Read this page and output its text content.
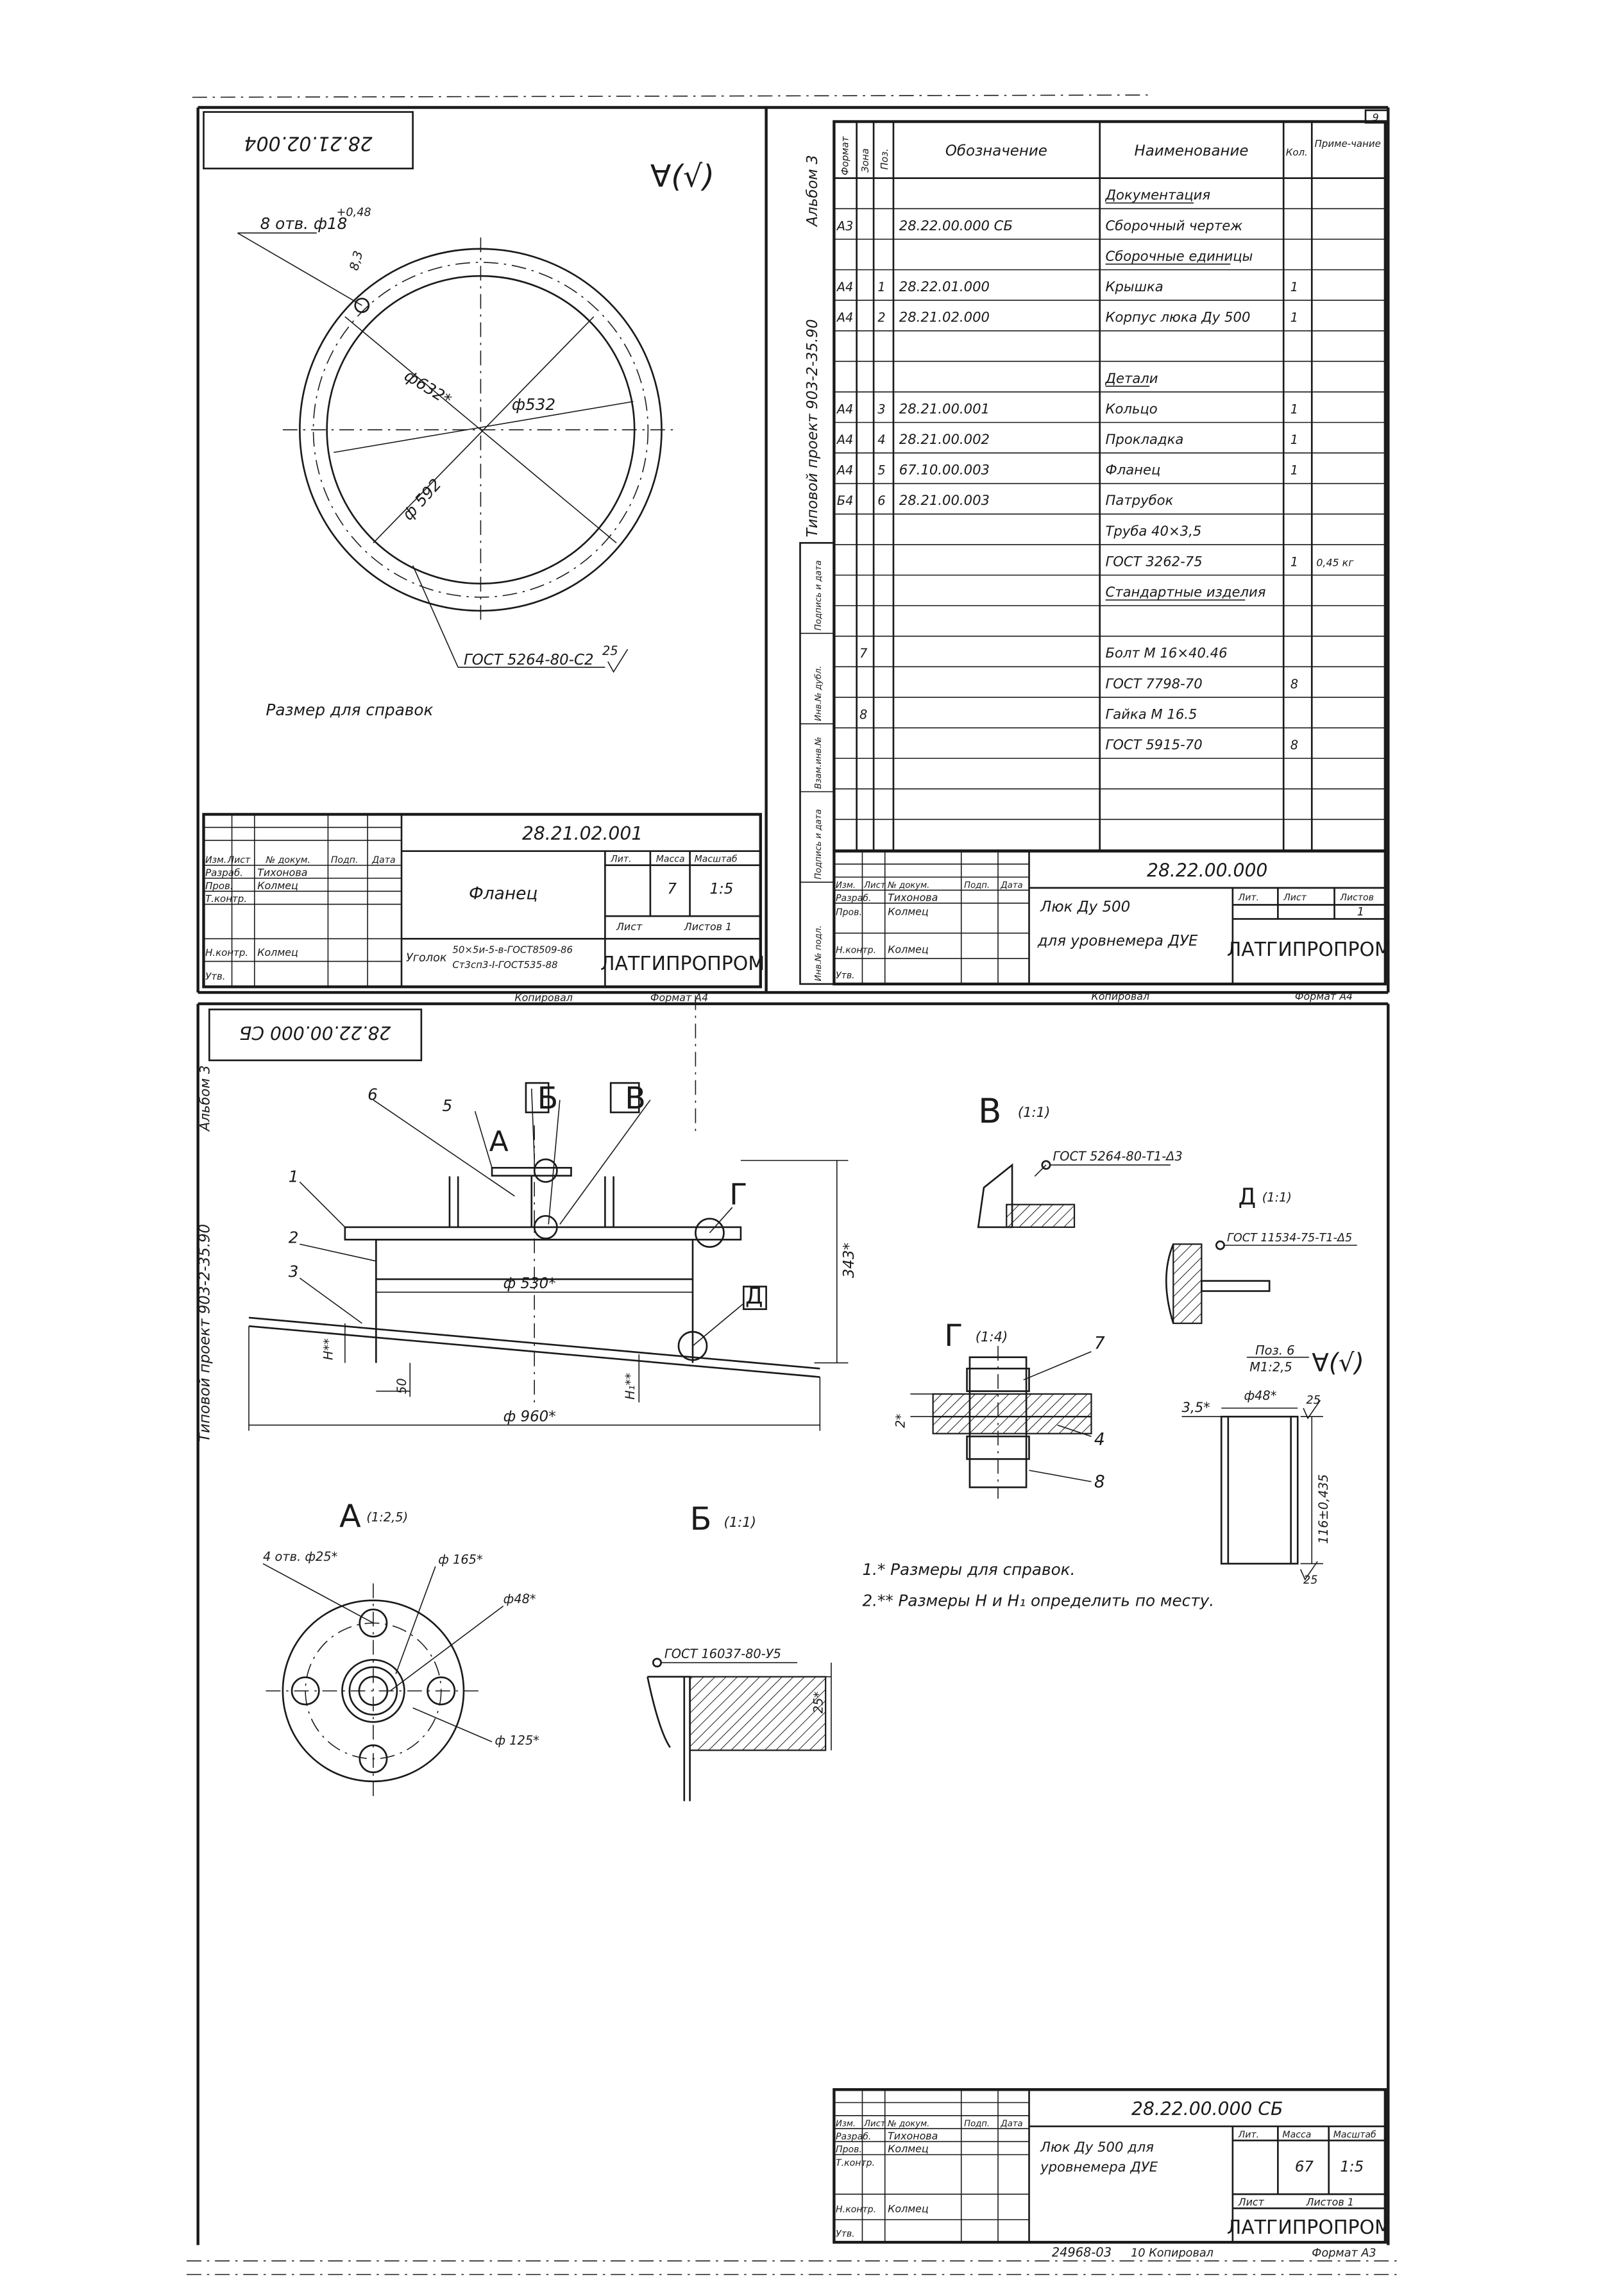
28.21.02.004
∀(√)
8 отв. ф18
+0,48
8,3
ф632*	ф532
ф 592
ГОСТ 5264-80-С2
25
Размер для справок
Изм. Лист № докум. Подп. Дата
Разраб. Тихонова
Пров. Колмец
Т.контр.
Н.контр. Колмец
Утв.
28.21.02.001
Фланец
Лит. Масса Масштаб
7 1:5
Лист	Листов 1
Уголок
50×5и-5-в-ГОСТ8509-86
Ст3сп3-I-ГОСТ535-88 ЛАТГИПРОПРОМ
Копировал	Формат А4
9
Формат Зона Поз.	Обозначение	Наименование	Кол.
Приме-чание
Типовой проект 903-2-35.90
Альбом 3
Инв.№ подл.
Подпись и дата
Взам.инв.№
Инв.№ дубл.
Подпись и дата
Документация
А3	28.22.00.000 СБ	Сборочный чертеж
Сборочные единицы
А4 1 28.22.01.000	Крышка	1
А4 2 28.21.02.000	Корпус люка Ду 500	1
Детали
А4 3 28.21.00.001	Кольцо	1
А4 4 28.21.00.002	Прокладка	1
А4 5 67.10.00.003	Фланец	1
Б4 6 28.21.00.003	Патрубок
Труба 40×3,5
ГОСТ 3262-75	1 0,45 кг
Стандартные изделия
7	Болт М 16×40.46
ГОСТ 7798-70	8
8	Гайка М 16.5
ГОСТ 5915-70	8
Изм. Лист № докум.	Подп. Дата
Разраб. Тихонова
Пров. Колмец
Н.контр. Колмец
Утв.
28.22.00.000
Люк Ду 500
для уровнемера ДУЕ
Лит. Лист	Листов
1
ЛАТГИПРОПРОМ
Копировал	Формат А4
28.22.00.000 СБ
Типовой проект 903-2-35.90
Альбом 3	6
5
А
Б В
1
2
3
Г
Д
ф 530*
ф 960*
343*
H**
H₁**
50
В (1:1)
ГОСТ 5264-80-Т1-Δ3
Д (1:1)
ГОСТ 11534-75-Т1-Δ5
Г (1:4)	7
4
8
2*
Поз. 6
М1:2,5 ∀(√)
ф48*
3,5*
116±0,435
25
25
А (1:2,5)
4 отв. ф25*	ф 165*
ф48*
ф 125*
Б (1:1)
ГОСТ 16037-80-У5
25*
1.* Размеры для справок.
2.** Размеры Н и Н₁ определить по месту.
Изм. Лист № докум.	Подп. Дата
Разраб. Тихонова
Пров. Колмец
Т.контр.
Н.контр. Колмец
Утв.
28.22.00.000 СБ
Люк Ду 500 для
уровнемера ДУЕ
Лит. Масса Масштаб
67 1:5
Лист	Листов 1
ЛАТГИПРОПРОМ
24968-03 10 Копировал	Формат А3
